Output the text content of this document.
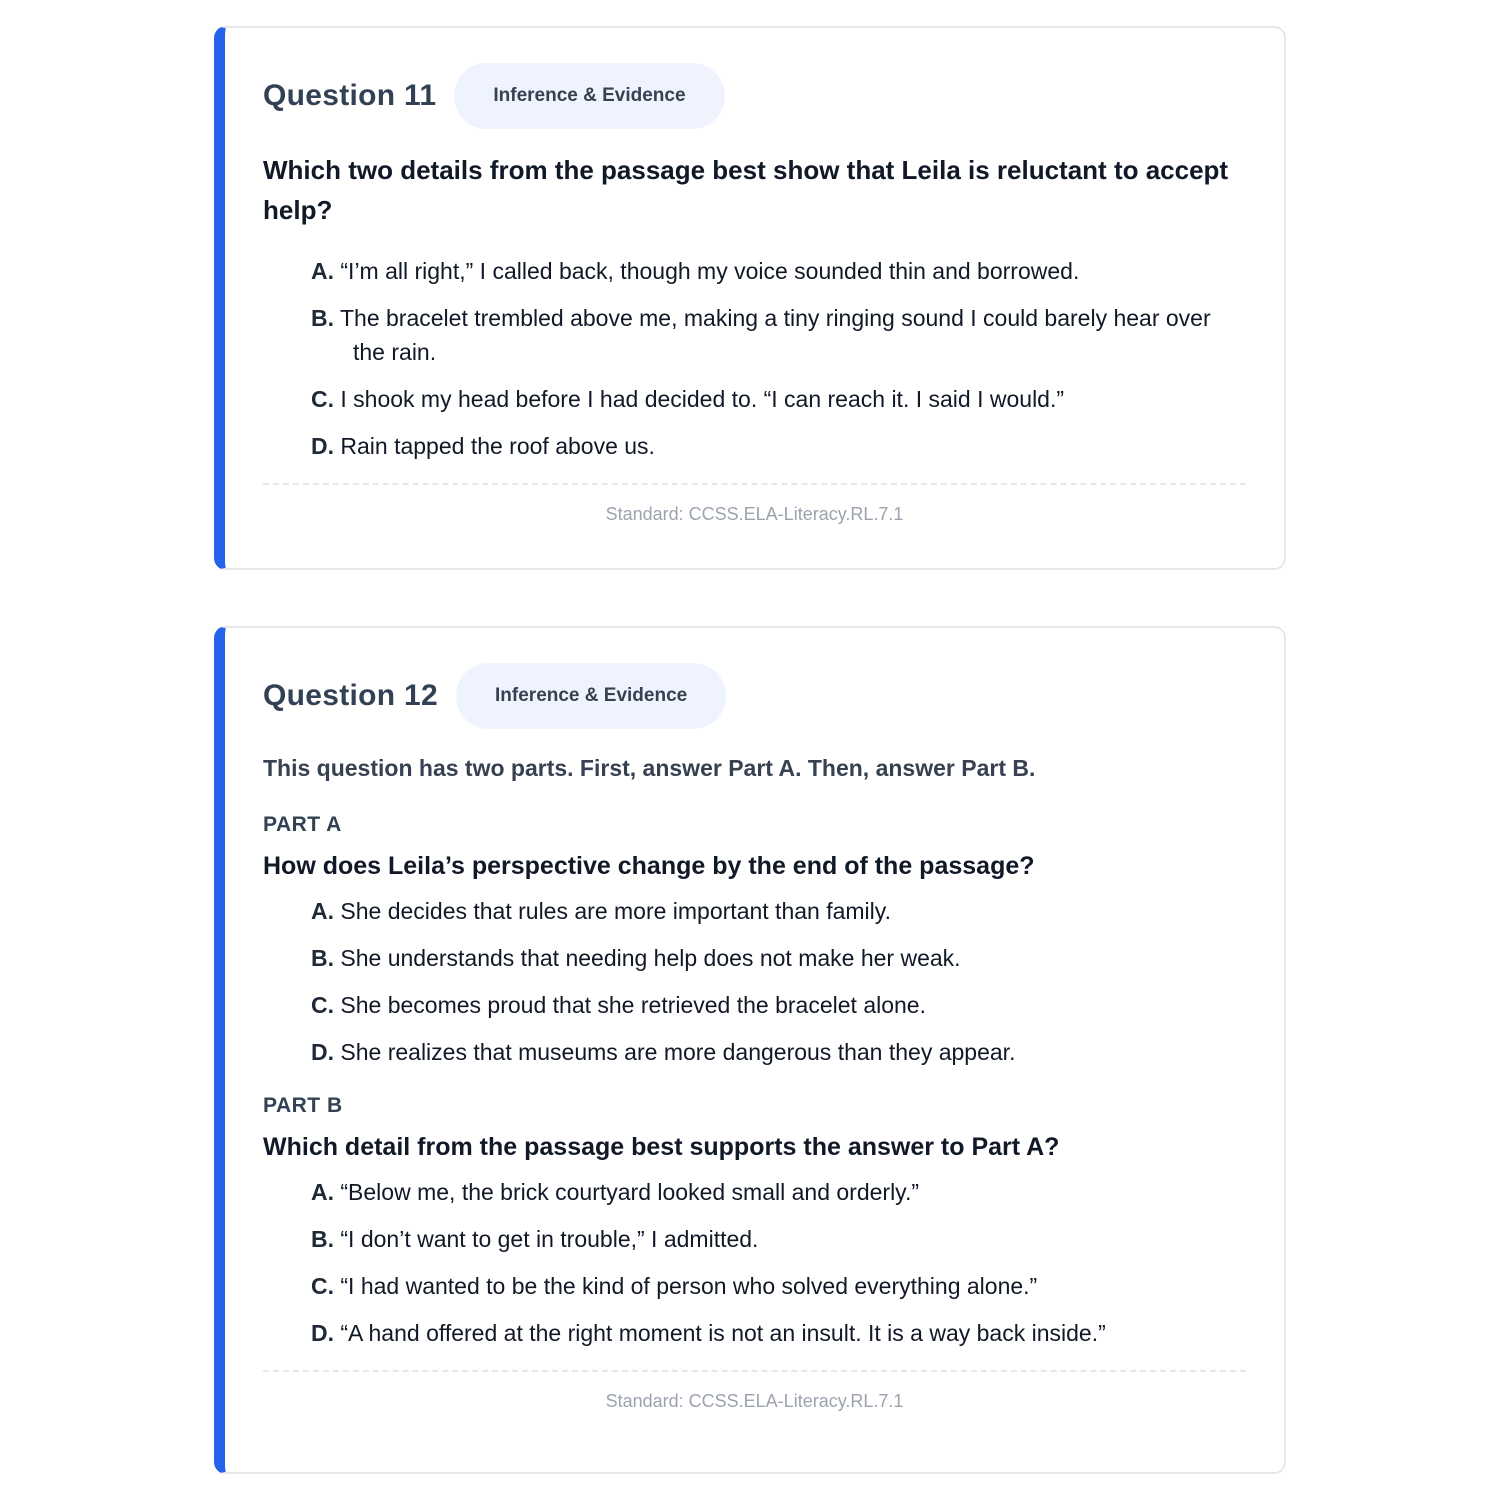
Question 11	Inference & Evidence

Which two details from the passage best show that Leila is reluctant to accept help?

A. “I’m all right,” I called back, though my voice sounded thin and borrowed.
B. The bracelet trembled above me, making a tiny ringing sound I could barely hear over the rain.
C. I shook my head before I had decided to. “I can reach it. I said I would.”
D. Rain tapped the roof above us.
Standard: CCSS.ELA-Literacy.RL.7.1
Question 12	Inference & Evidence
This question has two parts. First, answer Part A. Then, answer Part B.
PART A
How does Leila’s perspective change by the end of the passage?
A. She decides that rules are more important than family.
B. She understands that needing help does not make her weak.
C. She becomes proud that she retrieved the bracelet alone.
D. She realizes that museums are more dangerous than they appear.
PART B
Which detail from the passage best supports the answer to Part A?
A. “Below me, the brick courtyard looked small and orderly.”
B. “I don’t want to get in trouble,” I admitted.
C. “I had wanted to be the kind of person who solved everything alone.”
D. “A hand offered at the right moment is not an insult. It is a way back inside.”
Standard: CCSS.ELA-Literacy.RL.7.1
